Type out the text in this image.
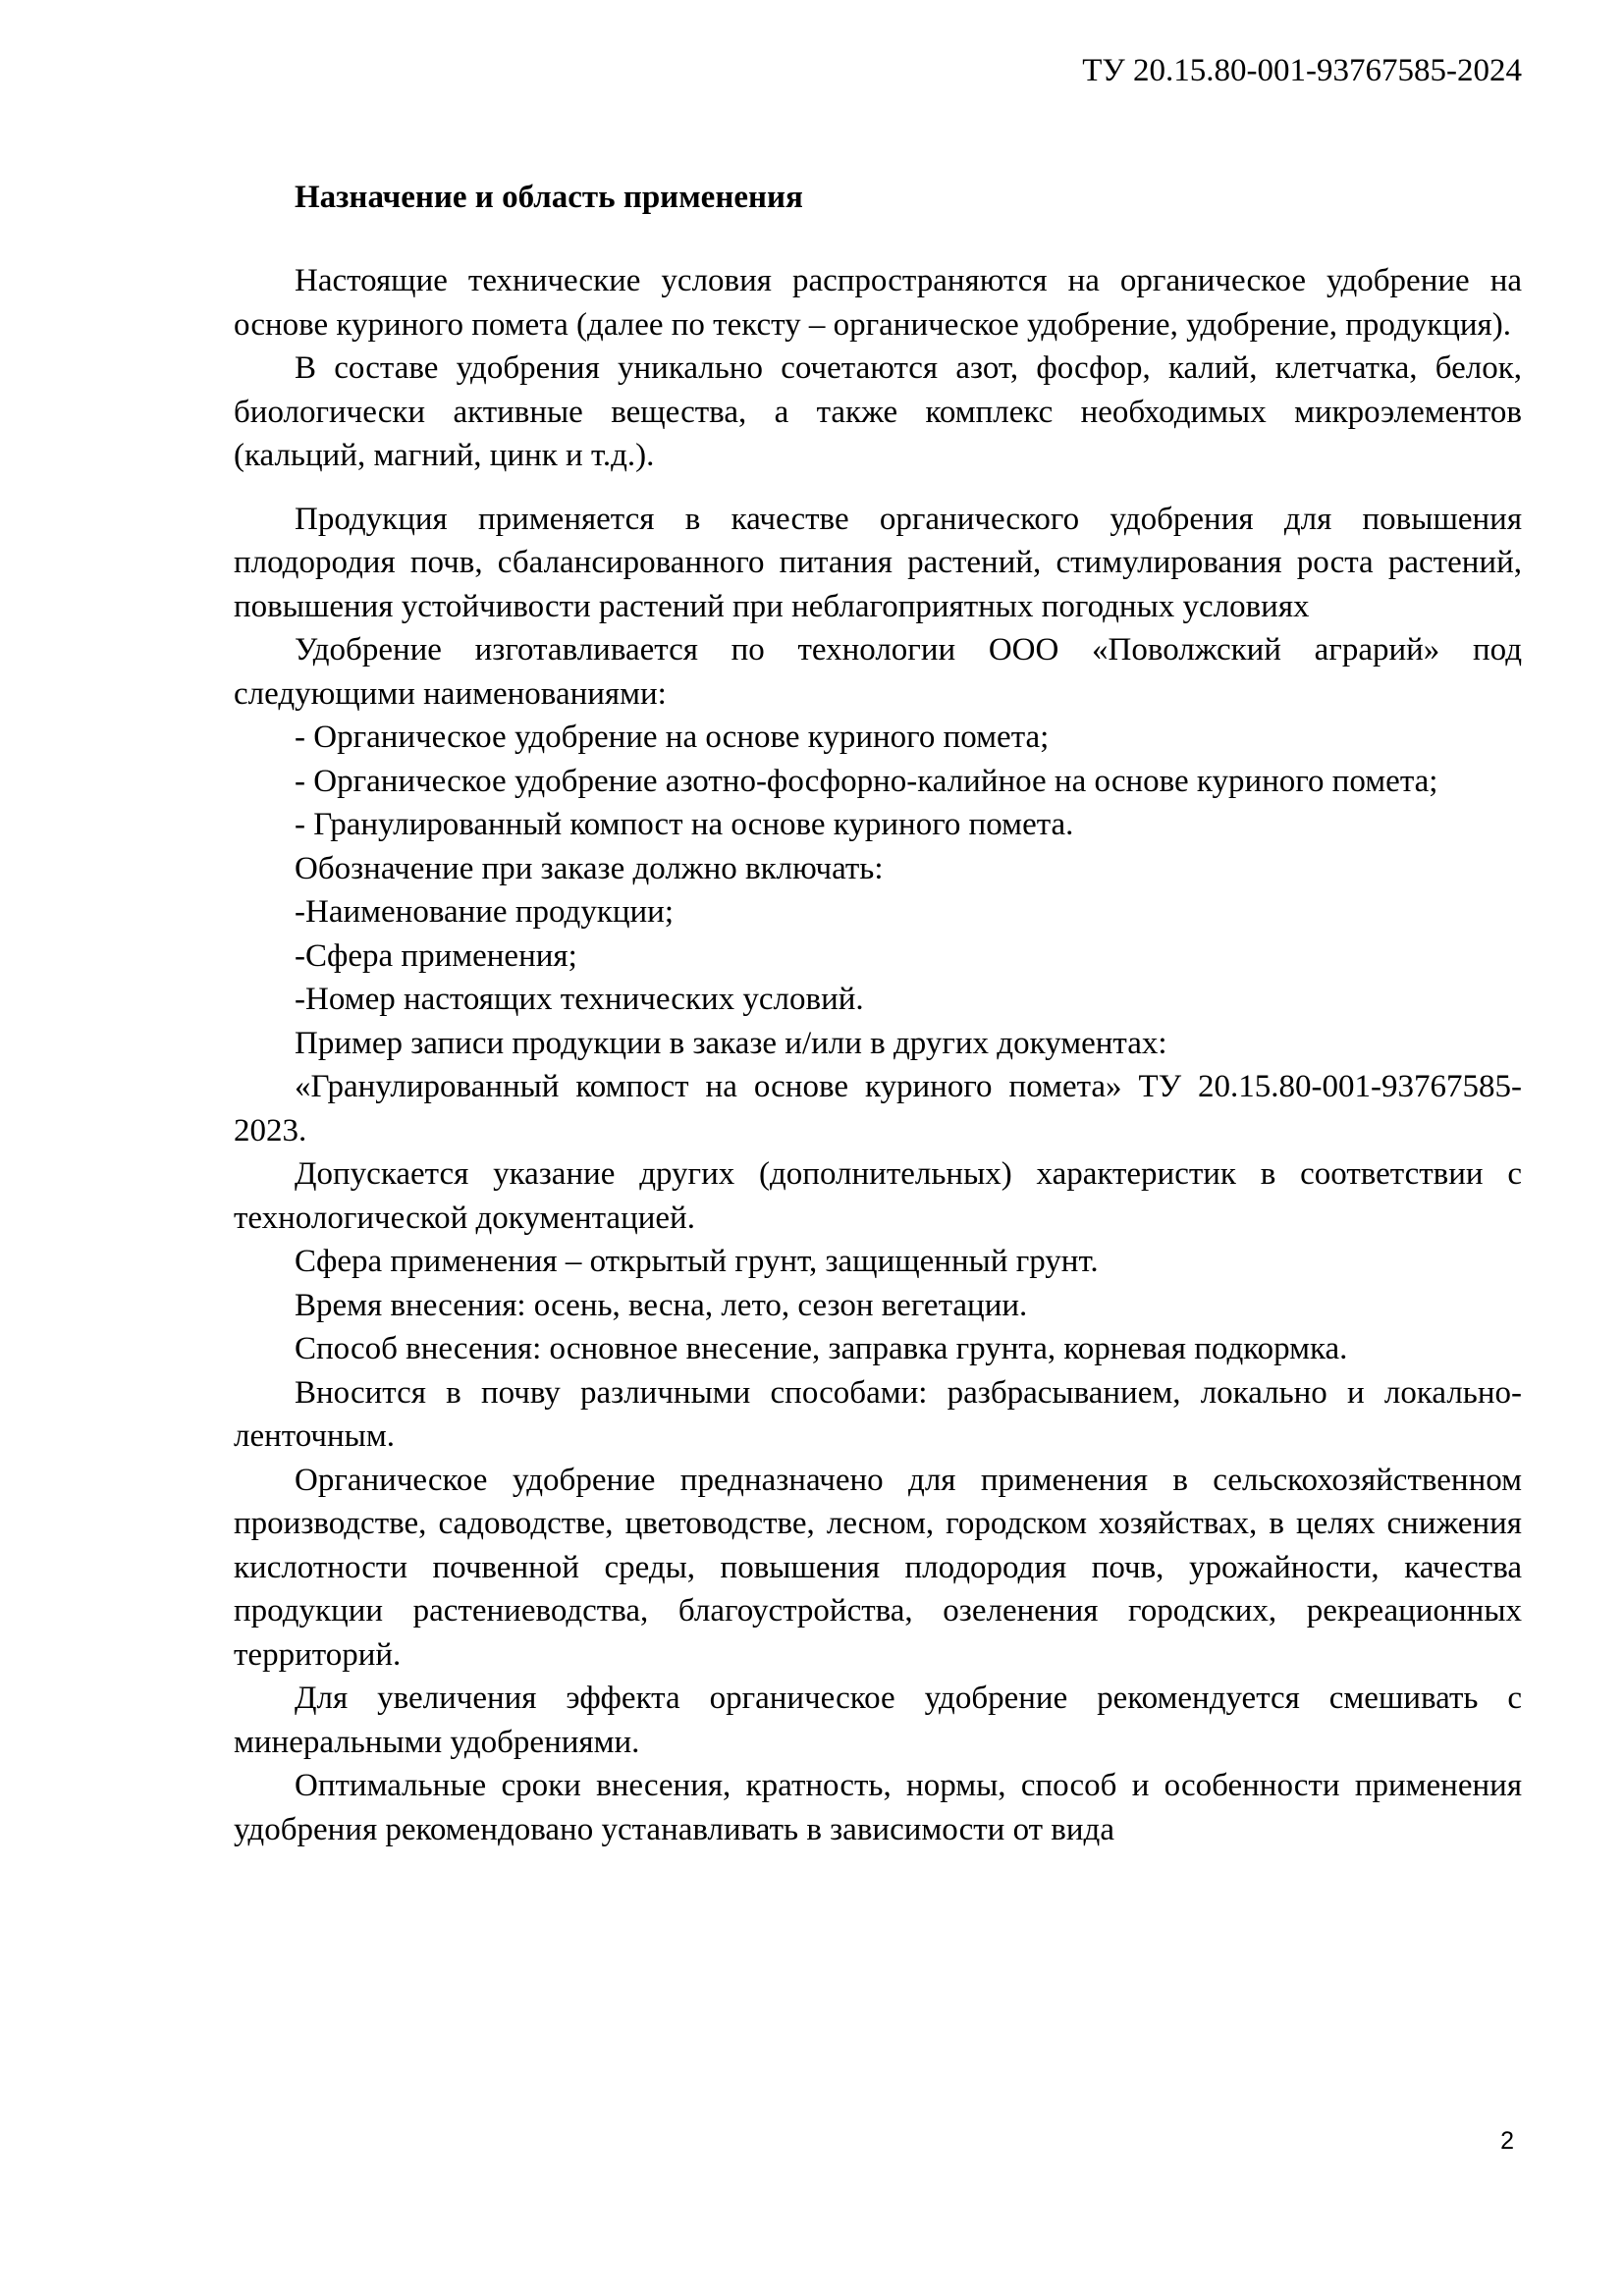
ТУ 20.15.80-001-93767585-2024
Назначение и область применения

Настоящие технические условия распространяются на органическое удобрение на основе куриного помета (далее по тексту – органическое удобрение, удобрение, продукция).

В составе удобрения уникально сочетаются азот, фосфор, калий, клетчатка, белок, биологически активные вещества, а также комплекс необходимых микроэлементов (кальций, магний, цинк и т.д.).

Продукция применяется в качестве органического удобрения для повышения плодородия почв, сбалансированного питания растений, стимулирования роста растений, повышения устойчивости растений при неблагоприятных погодных условиях

Удобрение изготавливается по технологии ООО «Поволжский аграрий» под следующими наименованиями:

- Органическое удобрение на основе куриного помета;

- Органическое удобрение азотно-фосфорно-калийное на основе куриного помета;

- Гранулированный компост на основе куриного помета.

Обозначение при заказе должно включать:

-Наименование продукции;

-Сфера применения;

-Номер настоящих технических условий.

Пример записи продукции в заказе и/или в других документах:

«Гранулированный компост на основе куриного помета» ТУ 20.15.80-001-93767585-2023.

Допускается указание других (дополнительных) характеристик в соответствии с технологической документацией.

Сфера применения – открытый грунт, защищенный грунт.

Время внесения: осень, весна, лето, сезон вегетации.

Способ внесения: основное внесение, заправка грунта, корневая подкормка.

Вносится в почву различными способами: разбрасыванием, локально и локально-ленточным.

Органическое удобрение предназначено для применения в сельскохозяйственном производстве, садоводстве, цветоводстве, лесном, городском хозяйствах, в целях снижения кислотности почвенной среды, повышения плодородия почв, урожайности, качества продукции растениеводства, благоустройства, озеленения городских, рекреационных территорий.

Для увеличения эффекта органическое удобрение рекомендуется смешивать с минеральными удобрениями.

Оптимальные сроки внесения, кратность, нормы, способ и особенности применения удобрения рекомендовано устанавливать в зависимости от вида

2
